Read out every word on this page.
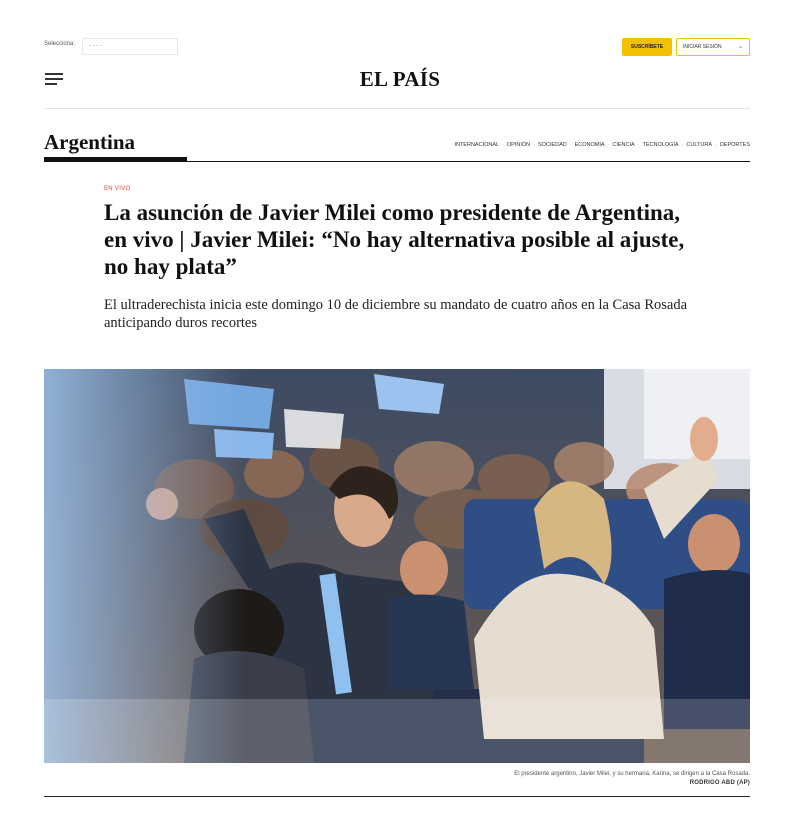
Selecciona:	- - - -	SUSCRÍBETE	INICIAR SESIÓN	⌄
EL PAÍS
Argentina	INTERNACIONAL · OPINIÓN · SOCIEDAD · ECONOMÍA · CIENCIA · TECNOLOGÍA · CULTURA · DEPORTES
EN VIVO
La asunción de Javier Milei como presidente de Argentina, en vivo | Javier Milei: “No hay alternativa posible al ajuste, no hay plata”

El ultraderechista inicia este domingo 10 de diciembre su mandato de cuatro años en la Casa Rosada anticipando duros recortes

El presidente argentino, Javier Milei, y su hermana, Karina, se dirigen a la Casa Rosada.
RODRIGO ABD (AP)
